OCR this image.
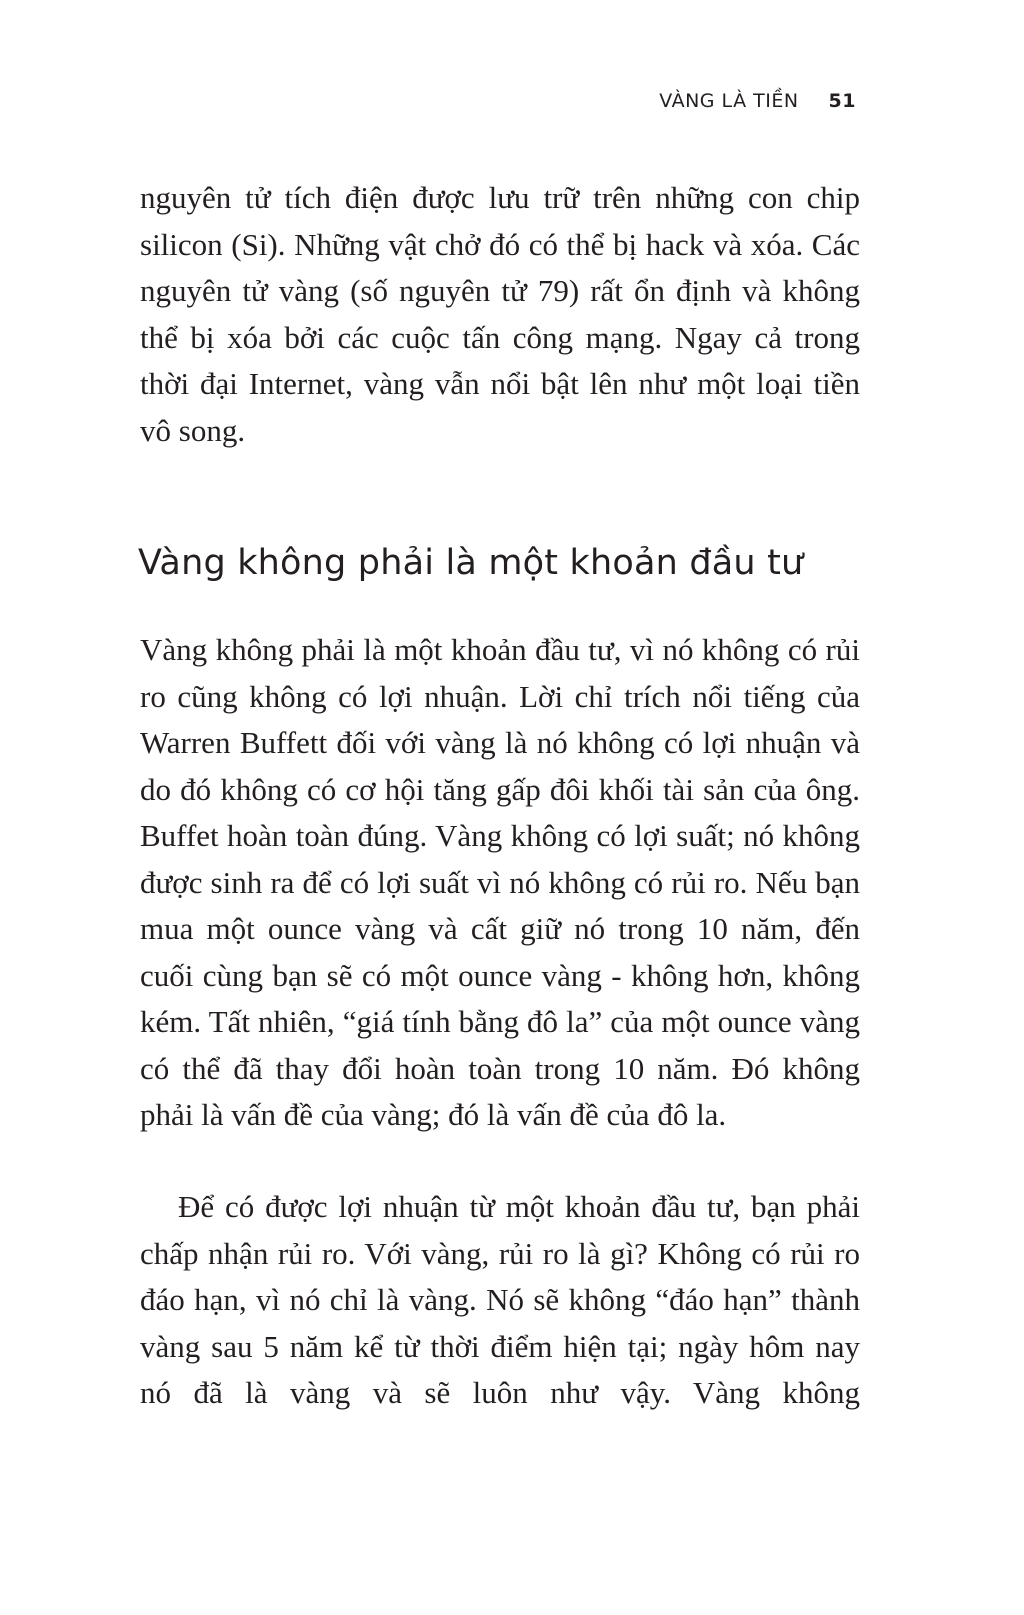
VÀNG LÀ TIỀN 51

nguyên tử tích điện được lưu trữ trên những con chip silicon (Si). Những vật chở đó có thể bị hack và xóa. Các nguyên tử vàng (số nguyên tử 79) rất ổn định và không thể bị xóa bởi các cuộc tấn công mạng. Ngay cả trong thời đại Internet, vàng vẫn nổi bật lên như một loại tiền vô song.

Vàng không phải là một khoản đầu tư

Vàng không phải là một khoản đầu tư, vì nó không có rủi ro cũng không có lợi nhuận. Lời chỉ trích nổi tiếng của Warren Buffett đối với vàng là nó không có lợi nhuận và do đó không có cơ hội tăng gấp đôi khối tài sản của ông. Buffet hoàn toàn đúng. Vàng không có lợi suất; nó không được sinh ra để có lợi suất vì nó không có rủi ro. Nếu bạn mua một ounce vàng và cất giữ nó trong 10 năm, đến cuối cùng bạn sẽ có một ounce vàng - không hơn, không kém. Tất nhiên, “giá tính bằng đô la” của một ounce vàng có thể đã thay đổi hoàn toàn trong 10 năm. Đó không phải là vấn đề của vàng; đó là vấn đề của đô la.

Để có được lợi nhuận từ một khoản đầu tư, bạn phải chấp nhận rủi ro. Với vàng, rủi ro là gì? Không có rủi ro đáo hạn, vì nó chỉ là vàng. Nó sẽ không “đáo hạn” thành vàng sau 5 năm kể từ thời điểm hiện tại; ngày hôm nay nó đã là vàng và sẽ luôn như vậy. Vàng không
